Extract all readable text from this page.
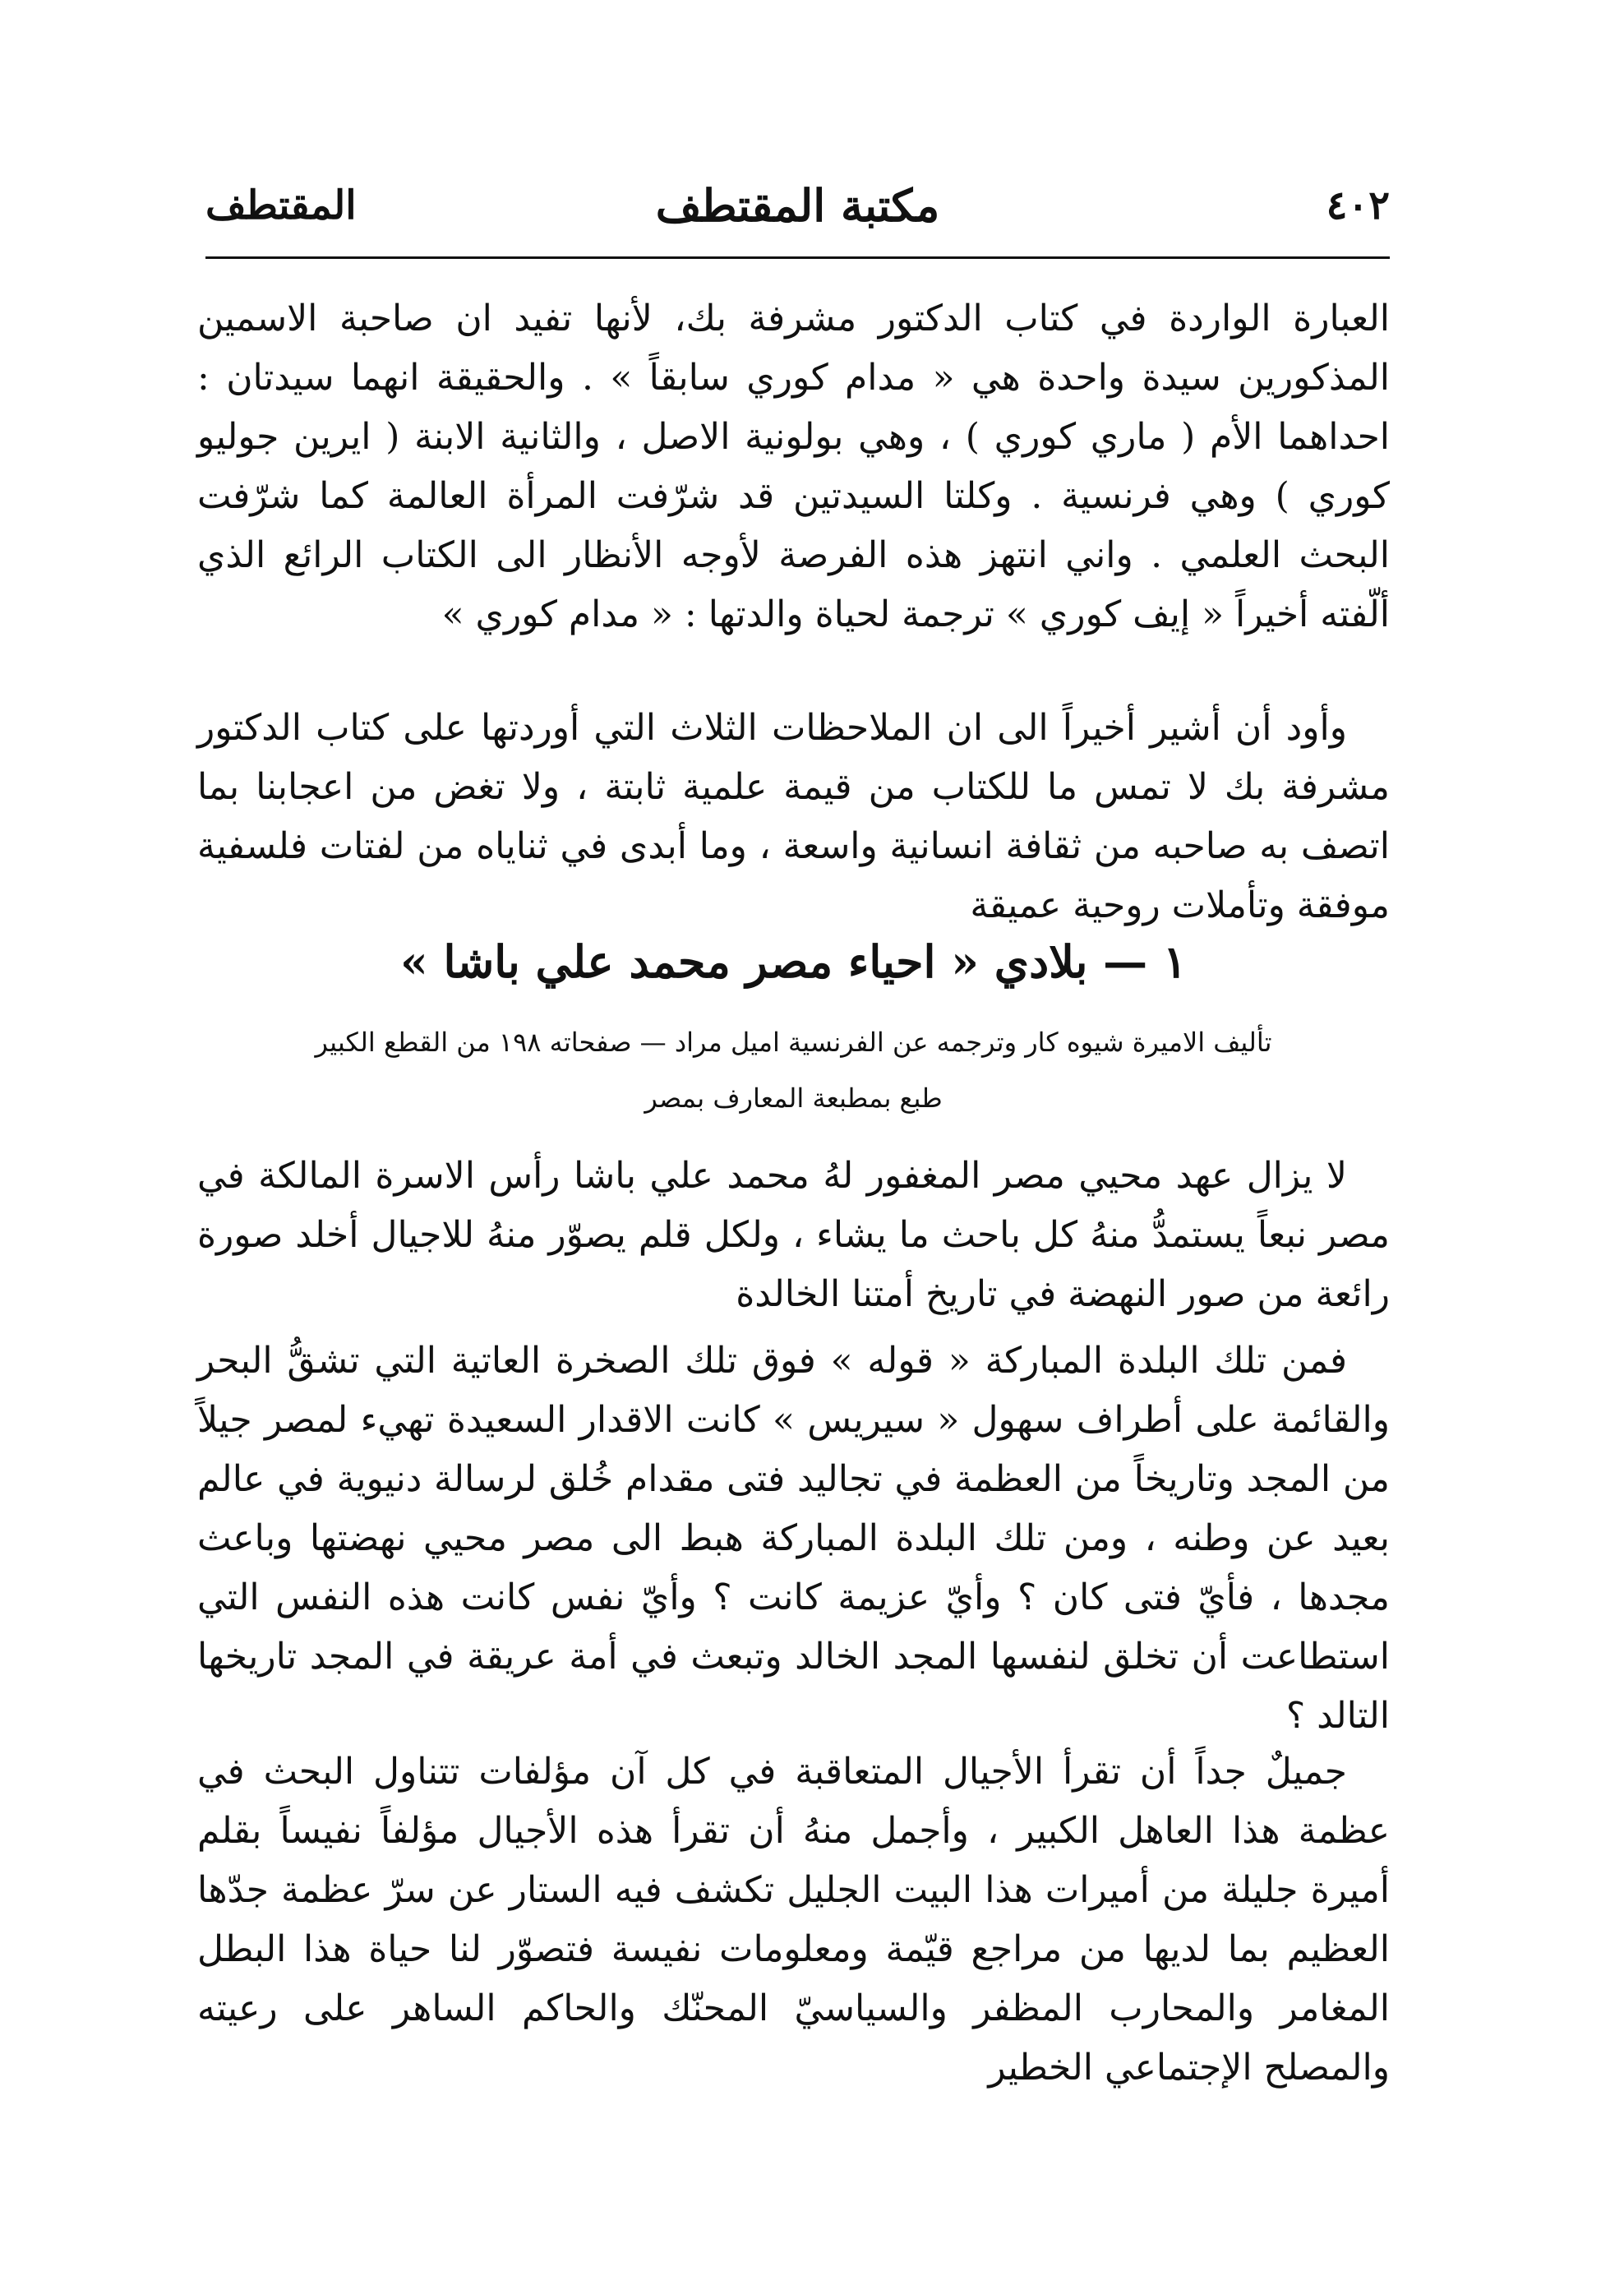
٤٠٢
مكتبة المقتطف
المقتطف

العبارة الواردة في كتاب الدكتور مشرفة بك، لأنها تفيد ان صاحبة الاسمين المذكورين سيدة واحدة هي « مدام كوري سابقاً » . والحقيقة انهما سيدتان : احداهما الأم ( ماري كوري ) ، وهي بولونية الاصل ، والثانية الابنة ( ايرين جوليو كوري ) وهي فرنسية . وكلتا السيدتين قد شرّفت المرأة العالمة كما شرّفت البحث العلمي . واني انتهز هذه الفرصة لأوجه الأنظار الى الكتاب الرائع الذي ألّفته أخيراً « إيف كوري » ترجمة لحياة والدتها : « مدام كوري »

وأود أن أشير أخيراً الى ان الملاحظات الثلاث التي أوردتها على كتاب الدكتور مشرفة بك لا تمس ما للكتاب من قيمة علمية ثابتة ، ولا تغض من اعجابنا بما اتصف به صاحبه من ثقافة انسانية واسعة ، وما أبدى في ثناياه من لفتات فلسفية موفقة وتأملات روحية عميقة

١ — بلادي « احياء مصر محمد علي باشا »
تأليف الاميرة شيوه كار وترجمه عن الفرنسية اميل مراد — صفحاته ١٩٨ من القطع الكبير
طبع بمطبعة المعارف بمصر

لا يزال عهد محيي مصر المغفور لهُ محمد علي باشا رأس الاسرة المالكة في مصر نبعاً يستمدُّ منهُ كل باحث ما يشاء ، ولكل قلم يصوّر منهُ للاجيال أخلد صورة رائعة من صور النهضة في تاريخ أمتنا الخالدة

فمن تلك البلدة المباركة « قوله » فوق تلك الصخرة العاتية التي تشقُّ البحر والقائمة على أطراف سهول « سيريس » كانت الاقدار السعيدة تهيء لمصر جيلاً من المجد وتاريخاً من العظمة في تجاليد فتى مقدام خُلق لرسالة دنيوية في عالم بعيد عن وطنه ، ومن تلك البلدة المباركة هبط الى مصر محيي نهضتها وباعث مجدها ، فأيّ فتى كان ؟ وأيّ عزيمة كانت ؟ وأيّ نفس كانت هذه النفس التي استطاعت أن تخلق لنفسها المجد الخالد وتبعث في أمة عريقة في المجد تاريخها التالد ؟

جميلٌ جداً أن تقرأ الأجيال المتعاقبة في كل آن مؤلفات تتناول البحث في عظمة هذا العاهل الكبير ، وأجمل منهُ أن تقرأ هذه الأجيال مؤلفاً نفيساً بقلم أميرة جليلة من أميرات هذا البيت الجليل تكشف فيه الستار عن سرّ عظمة جدّها العظيم بما لديها من مراجع قيّمة ومعلومات نفيسة فتصوّر لنا حياة هذا البطل المغامر والمحارب المظفر والسياسيّ المحنّك والحاكم الساهر على رعيته والمصلح الإجتماعي الخطير
